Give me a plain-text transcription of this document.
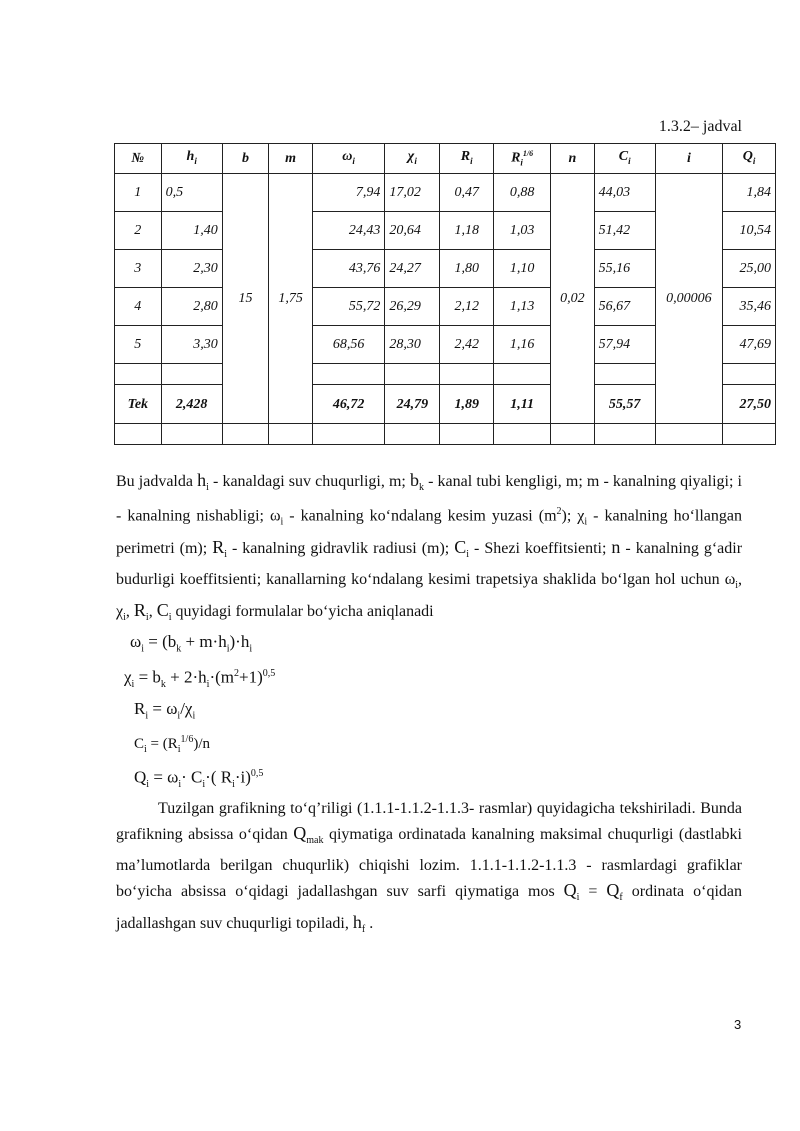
1.3.2– jadval
№	$h_i$	b	m	$\omega_i$	$\chi_i$	$R_i$	$R_i^{1/6}$	n	$C_i$	i	$Q_i$
1	0,5	15	1,75	7,94	17,02	0,47	0,88	0,02	44,03	0,00006	1,84
2	1,40			24,43	20,64	1,18	1,03		51,42		10,54
3	2,30			43,76	24,27	1,80	1,10		55,16		25,00
4	2,80			55,72	26,29	2,12	1,13		56,67		35,46
5	3,30			68,56	28,30	2,42	1,16		57,94		47,69

Tek	2,428			46,72	24,79	1,89	1,11		55,57		27,50

Bu jadvalda $h_i$ - kanaldagi suv chuqurligi, m; $b_k$ - kanal tubi kengligi, m; m - kanalning qiyaligi; i - kanalning nishabligi; $\omega_i$ - kanalning ko‘ndalang kesim yuzasi $(m^2)$; $\chi_i$ - kanalning ho‘llangan perimetri (m); $R_i$ - kanalning gidravlik radiusi (m); $C_i$ - Shezi koeffitsienti; n - kanalning g‘adir budurligi koeffitsienti; kanallarning ko‘ndalang kesimi trapetsiya shaklida bo‘lgan hol uchun $\omega_i$, $\chi_i$, $R_i$, $C_i$ quyidagi formulalar bo‘yicha aniqlanadi

$\omega_i = (b_k + m\cdot h_i)\cdot h_i$

$\chi_i = b_k + 2\cdot h_i\cdot(m^2+1)^{0,5}$

$R_i = \omega_i/\chi_i$

$C_i = (R_i^{1/6})/n$

$Q_i = \omega_i\cdot C_i\cdot$( $R_i\cdot i)^{0,5}$

Tuzilgan grafikning to‘q’riligi (1.1.1-1.1.2-1.1.3- rasmlar) quyidagicha tekshiriladi. Bunda grafikning absissa o‘qidan $Q_{mak}$ qiymatiga ordinatada kanalning maksimal chuqurligi (dastlabki ma’lumotlarda berilgan chuqurlik) chiqishi lozim. 1.1.1-1.1.2-1.1.3 - rasmlardagi grafiklar bo‘yicha absissa o‘qidagi jadallashgan suv sarfi qiymatiga mos $Q_i = Q_f$ ordinata o‘qidan jadallashgan suv chuqurligi topiladi, $h_f$ .

3
